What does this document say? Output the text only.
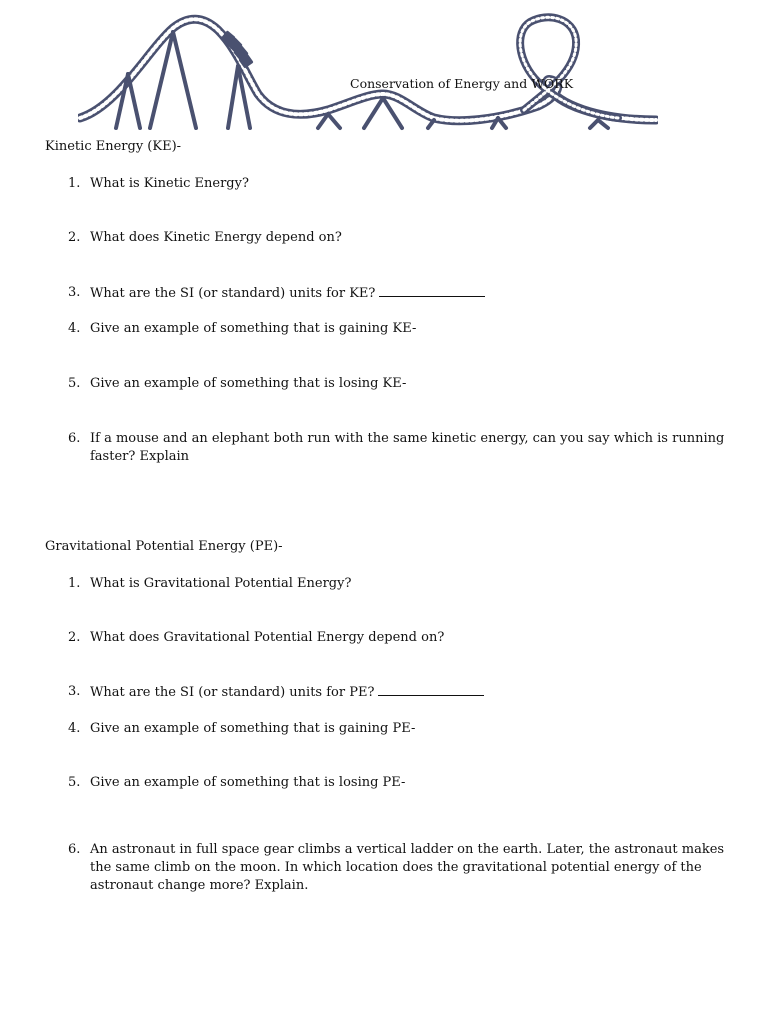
Conservation of Energy and WORK
Kinetic Energy (KE)-
1. What is Kinetic Energy?
2. What does Kinetic Energy depend on?
3. What are the SI (or standard) units for KE?
4. Give an example of something that is gaining KE-
5. Give an example of something that is losing KE-
6. If a mouse and an elephant both run with the same kinetic energy, can you say which is running faster? Explain
Gravitational Potential Energy (PE)-
1. What is Gravitational Potential Energy?
2. What does Gravitational Potential Energy depend on?
3. What are the SI (or standard) units for PE?
4. Give an example of something that is gaining PE-
5. Give an example of something that is losing PE-
6. An astronaut in full space gear climbs a vertical ladder on the earth. Later, the astronaut makes the same climb on the moon. In which location does the gravitational potential energy of the astronaut change more? Explain.
